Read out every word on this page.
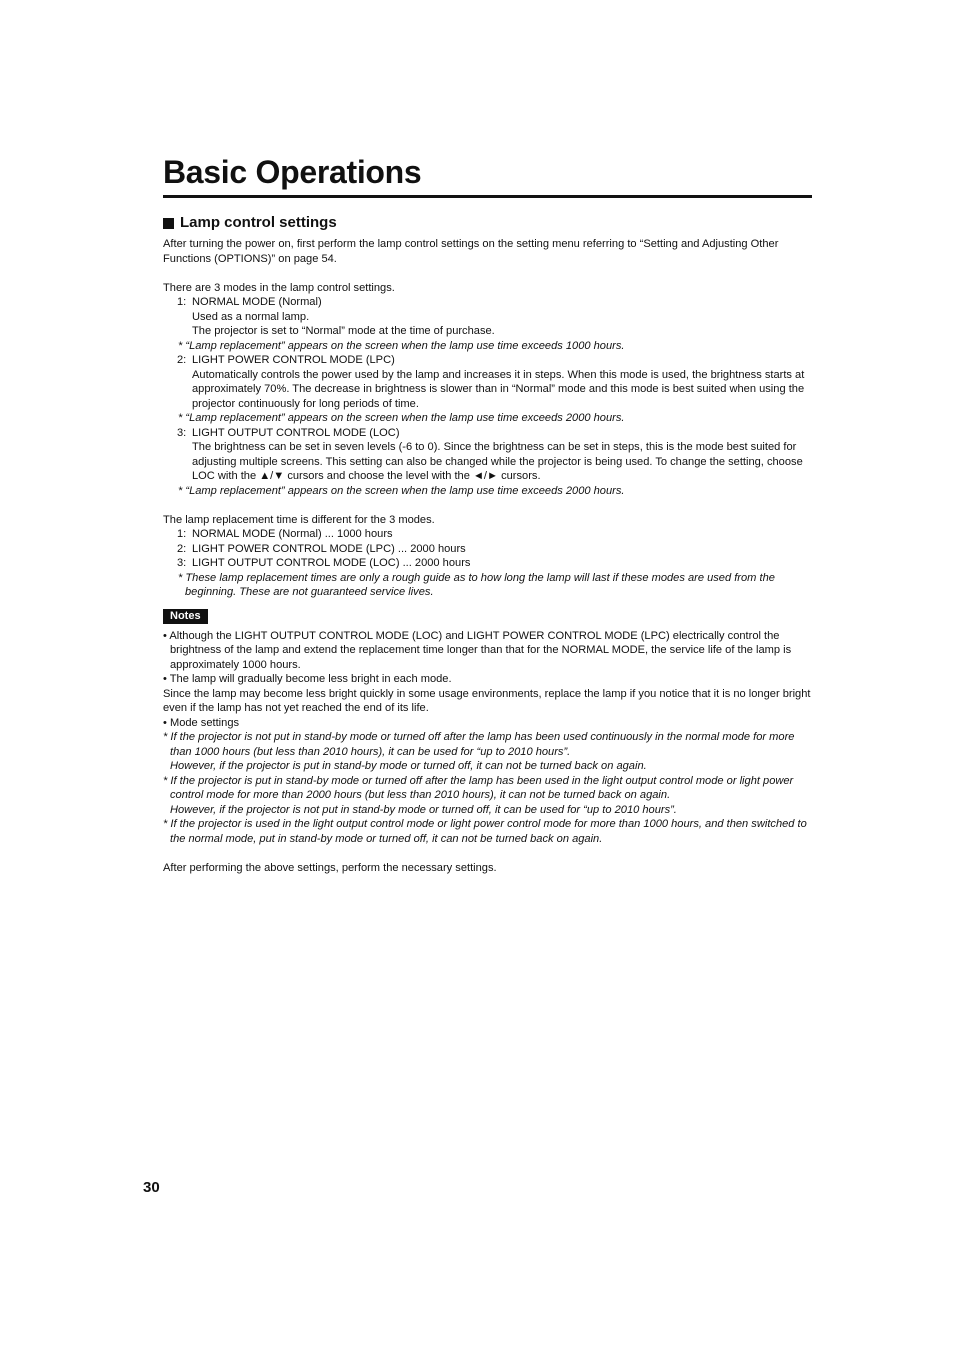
Basic Operations
Lamp control settings

After turning the power on, first perform the lamp control settings on the setting menu referring to “Setting and Adjusting Other Functions (OPTIONS)” on page 54.

There are 3 modes in the lamp control settings.

1: NORMAL MODE (Normal)

Used as a normal lamp.

The projector is set to “Normal” mode at the time of purchase.

* “Lamp replacement” appears on the screen when the lamp use time exceeds 1000 hours.

2: LIGHT POWER CONTROL MODE (LPC)

Automatically controls the power used by the lamp and increases it in steps. When this mode is used, the brightness starts at approximately 70%. The decrease in brightness is slower than in “Normal” mode and this mode is best suited when using the projector continuously for long periods of time.

* “Lamp replacement” appears on the screen when the lamp use time exceeds 2000 hours.

3: LIGHT OUTPUT CONTROL MODE (LOC)

The brightness can be set in seven levels (-6 to 0). Since the brightness can be set in steps, this is the mode best suited for adjusting multiple screens. This setting can also be changed while the projector is being used. To change the setting, choose LOC with the ▲/▼ cursors and choose the level with the ◄/► cursors.

* “Lamp replacement” appears on the screen when the lamp use time exceeds 2000 hours.

The lamp replacement time is different for the 3 modes.

1: NORMAL MODE (Normal) ... 1000 hours
2: LIGHT POWER CONTROL MODE (LPC) ... 2000 hours
3: LIGHT OUTPUT CONTROL MODE (LOC) ... 2000 hours

* These lamp replacement times are only a rough guide as to how long the lamp will last if these modes are used from the beginning. These are not guaranteed service lives.

Notes

• Although the LIGHT OUTPUT CONTROL MODE (LOC) and LIGHT POWER CONTROL MODE (LPC) electrically control the brightness of the lamp and extend the replacement time longer than that for the NORMAL MODE, the service life of the lamp is approximately 1000 hours.

• The lamp will gradually become less bright in each mode.

Since the lamp may become less bright quickly in some usage environments, replace the lamp if you notice that it is no longer bright even if the lamp has not yet reached the end of its life.

• Mode settings

* If the projector is not put in stand-by mode or turned off after the lamp has been used continuously in the normal mode for more than 1000 hours (but less than 2010 hours), it can be used for “up to 2010 hours”.

However, if the projector is put in stand-by mode or turned off, it can not be turned back on again.

* If the projector is put in stand-by mode or turned off after the lamp has been used in the light output control mode or light power control mode for more than 2000 hours (but less than 2010 hours), it can not be turned back on again.

However, if the projector is not put in stand-by mode or turned off, it can be used for “up to 2010 hours”.

* If the projector is used in the light output control mode or light power control mode for more than 1000 hours, and then switched to the normal mode, put in stand-by mode or turned off, it can not be turned back on again.

After performing the above settings, perform the necessary settings.

30
